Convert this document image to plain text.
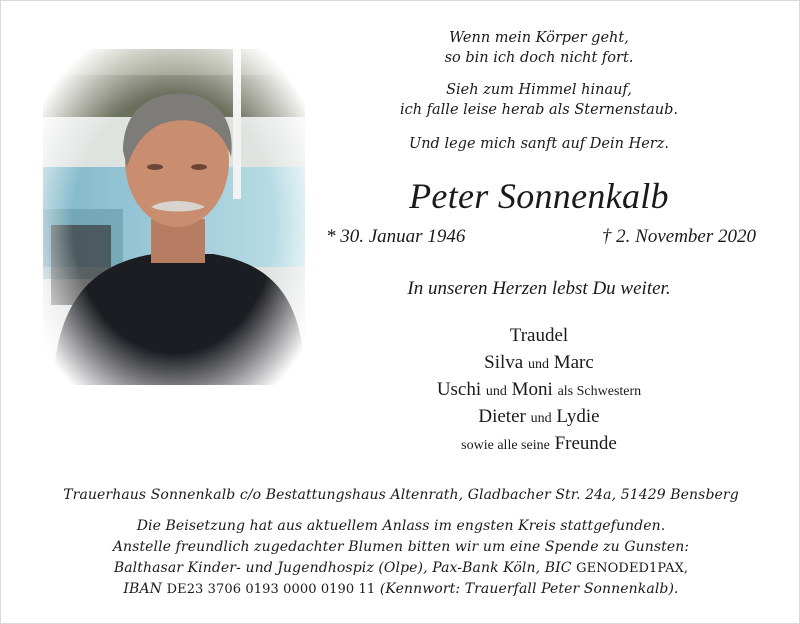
Wenn mein Körper geht,
so bin ich doch nicht fort.
Sieh zum Himmel hinauf,
ich falle leise herab als Sternenstaub.
Und lege mich sanft auf Dein Herz.
Peter Sonnenkalb
* 30. Januar 1946	† 2. November 2020
In unseren Herzen lebst Du weiter.
Traudel
Silva und Marc
Uschi und Moni als Schwestern
Dieter und Lydie
sowie alle seine Freunde
Trauerhaus Sonnenkalb c/o Bestattungshaus Altenrath, Gladbacher Str. 24a, 51429 Bensberg
Die Beisetzung hat aus aktuellem Anlass im engsten Kreis stattgefunden.
Anstelle freundlich zugedachter Blumen bitten wir um eine Spende zu Gunsten:
Balthasar Kinder- und Jugendhospiz (Olpe), Pax-Bank Köln, BIC GENODED1PAX,
IBAN DE23 3706 0193 0000 0190 11 (Kennwort: Trauerfall Peter Sonnenkalb).
